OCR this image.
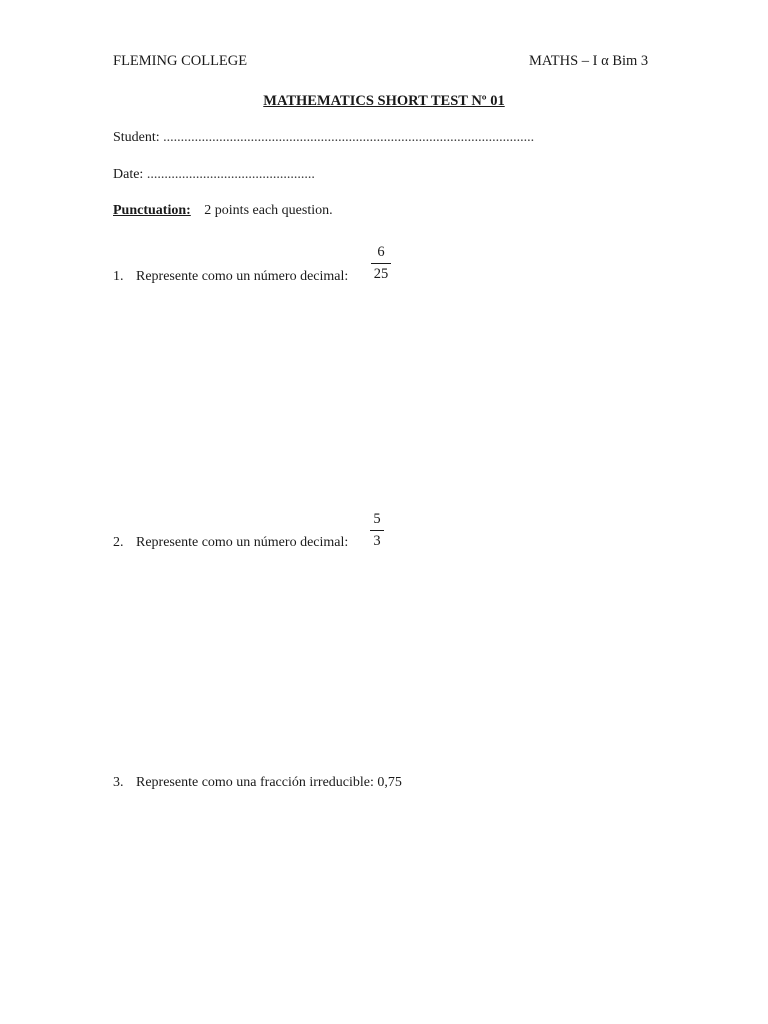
FLEMING COLLEGE	MATHS – I α Bim 3
MATHEMATICS SHORT TEST Nº 01
Student: ..........................................................................................................
Date: ................................................
Punctuation: 2 points each question.
1. Represente como un número decimal:
6
25
2. Represente como un número decimal:
5
3
3. Represente como una fracción irreducible: 0,75
